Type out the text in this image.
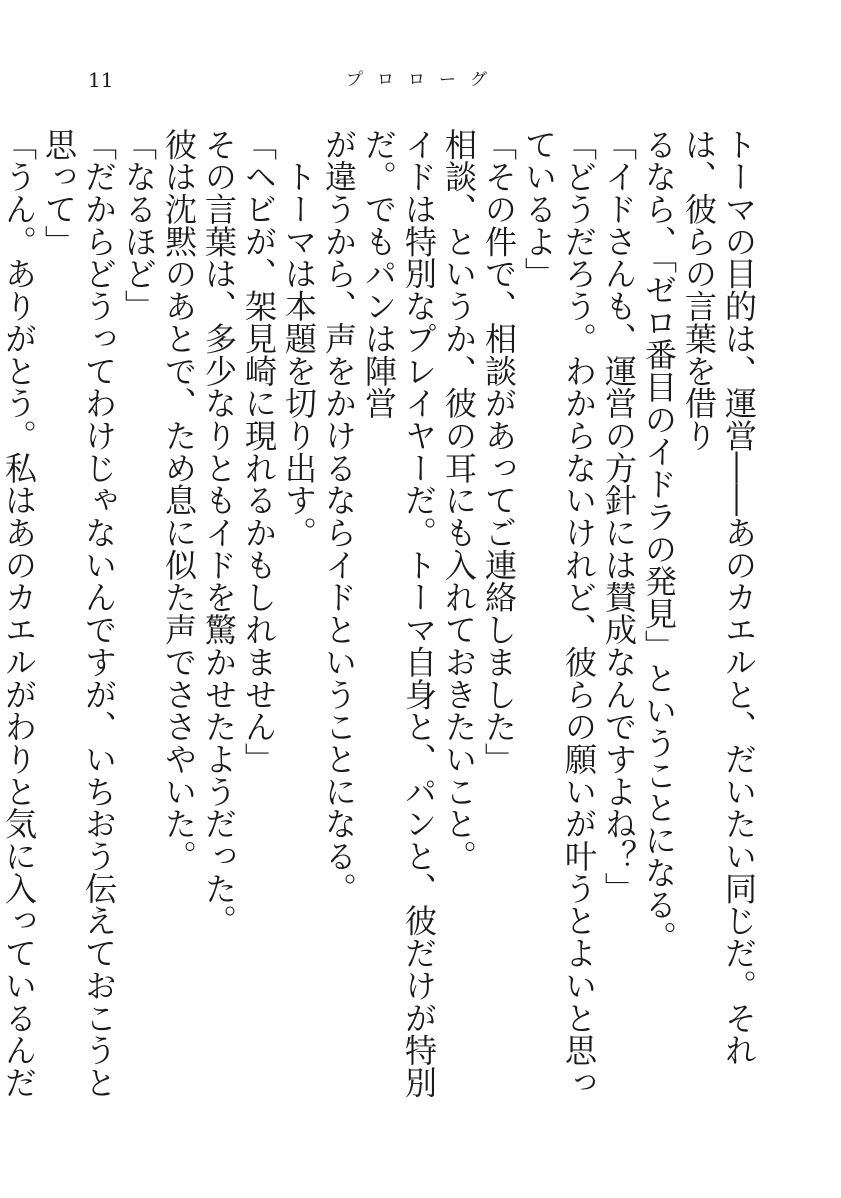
11	プロローグ

トーマの目的は、運営――あのカエルと、だいたい同じだ。それは、彼らの言葉を借り

るなら、「ゼロ番目のイドラの発見」ということになる。

「イドさんも、運営の方針には賛成なんですよね？」

「どうだろう。わからないけれど、彼らの願いが叶うとよいと思っているよ」

「その件で、相談があってご連絡しました」

相談、というか、彼の耳にも入れておきたいこと。

イドは特別なプレイヤーだ。トーマ自身と、パンと、彼だけが特別だ。でもパンは陣営

が違うから、声をかけるならイドということになる。

　トーマは本題を切り出す。

「ヘビが、架見崎に現れるかもしれません」

その言葉は、多少なりともイドを驚かせたようだった。

彼は沈黙のあとで、ため息に似た声でささやいた。

「なるほど」

「だからどうってわけじゃないんですが、いちおう伝えておこうと思って」

「うん。ありがとう。私はあのカエルがわりと気に入っているんだ
